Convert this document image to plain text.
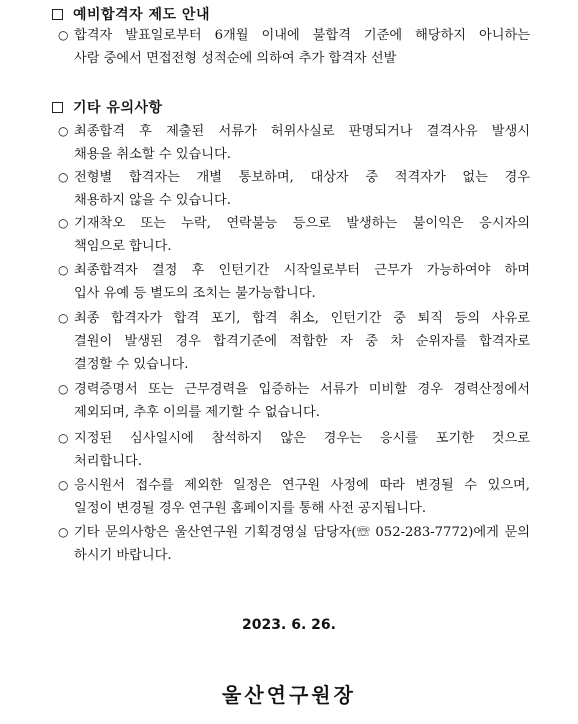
예비합격자 제도 안내
○ 합격자 발표일로부터 6개월 이내에 불합격 기준에 해당하지 아니하는
사람 중에서 면접전형 성적순에 의하여 추가 합격자 선발
기타 유의사항
○ 최종합격 후 제출된 서류가 허위사실로 판명되거나 결격사유 발생시
채용을 취소할 수 있습니다.
○ 전형별 합격자는 개별 통보하며, 대상자 중 적격자가 없는 경우
채용하지 않을 수 있습니다.
○ 기재착오 또는 누락, 연락불능 등으로 발생하는 불이익은 응시자의
책임으로 합니다.
○ 최종합격자 결정 후 인턴기간 시작일로부터 근무가 가능하여야 하며
입사 유예 등 별도의 조치는 불가능합니다.
○ 최종 합격자가 합격 포기, 합격 취소, 인턴기간 중 퇴직 등의 사유로
결원이 발생된 경우 합격기준에 적합한 자 중 차 순위자를 합격자로
결정할 수 있습니다.
○ 경력증명서 또는 근무경력을 입증하는 서류가 미비할 경우 경력산정에서
제외되며, 추후 이의를 제기할 수 없습니다.
○ 지정된 심사일시에 참석하지 않은 경우는 응시를 포기한 것으로
처리합니다.
○ 응시원서 접수를 제외한 일정은 연구원 사정에 따라 변경될 수 있으며,
일정이 변경될 경우 연구원 홈페이지를 통해 사전 공지됩니다.
○ 기타 문의사항은 울산연구원 기획경영실 담당자(☏ 052-283-7772)에게 문의
하시기 바랍니다.
2023. 6. 26.
울산연구원장
